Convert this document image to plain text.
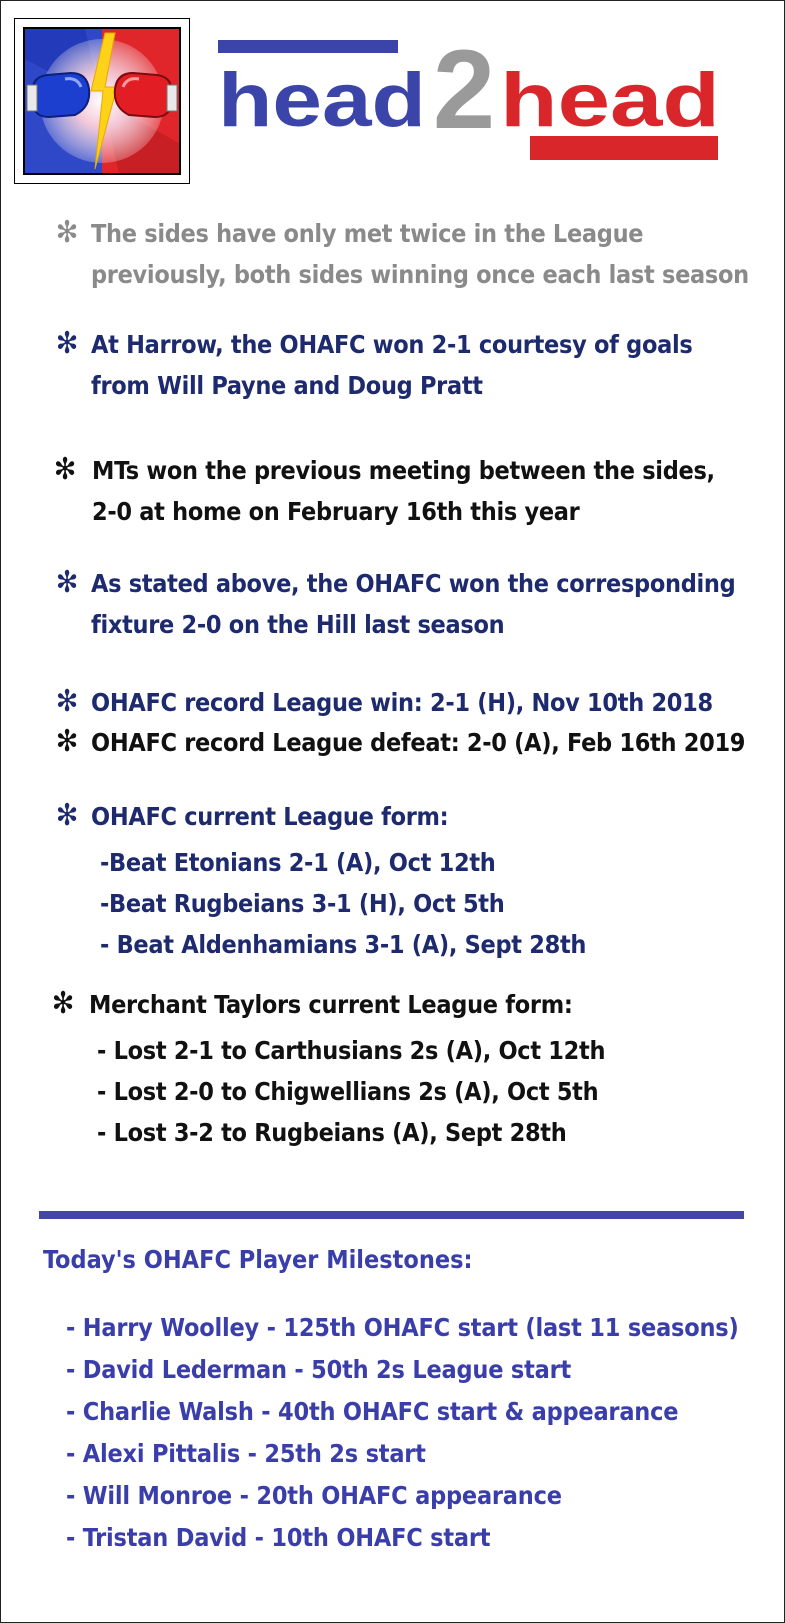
2
head head
✻ The sides have only met twice in the League
previously, both sides winning once each last season
✻ At Harrow, the OHAFC won 2-1 courtesy of goals
from Will Payne and Doug Pratt
✻ MTs won the previous meeting between the sides,
2-0 at home on February 16th this year
✻ As stated above, the OHAFC won the corresponding
fixture 2-0 on the Hill last season
✻ OHAFC record League win: 2-1 (H), Nov 10th 2018
✻ OHAFC record League defeat: 2-0 (A), Feb 16th 2019
✻ OHAFC current League form:
-Beat Etonians 2-1 (A), Oct 12th
-Beat Rugbeians 3-1 (H), Oct 5th
- Beat Aldenhamians 3-1 (A), Sept 28th
✻ Merchant Taylors current League form:
- Lost 2-1 to Carthusians 2s (A), Oct 12th
- Lost 2-0 to Chigwellians 2s (A), Oct 5th
- Lost 3-2 to Rugbeians (A), Sept 28th
Today's OHAFC Player Milestones:
- Harry Woolley - 125th OHAFC start (last 11 seasons)
- David Lederman - 50th 2s League start
- Charlie Walsh - 40th OHAFC start & appearance
- Alexi Pittalis - 25th 2s start
- Will Monroe - 20th OHAFC appearance
- Tristan David - 10th OHAFC start
